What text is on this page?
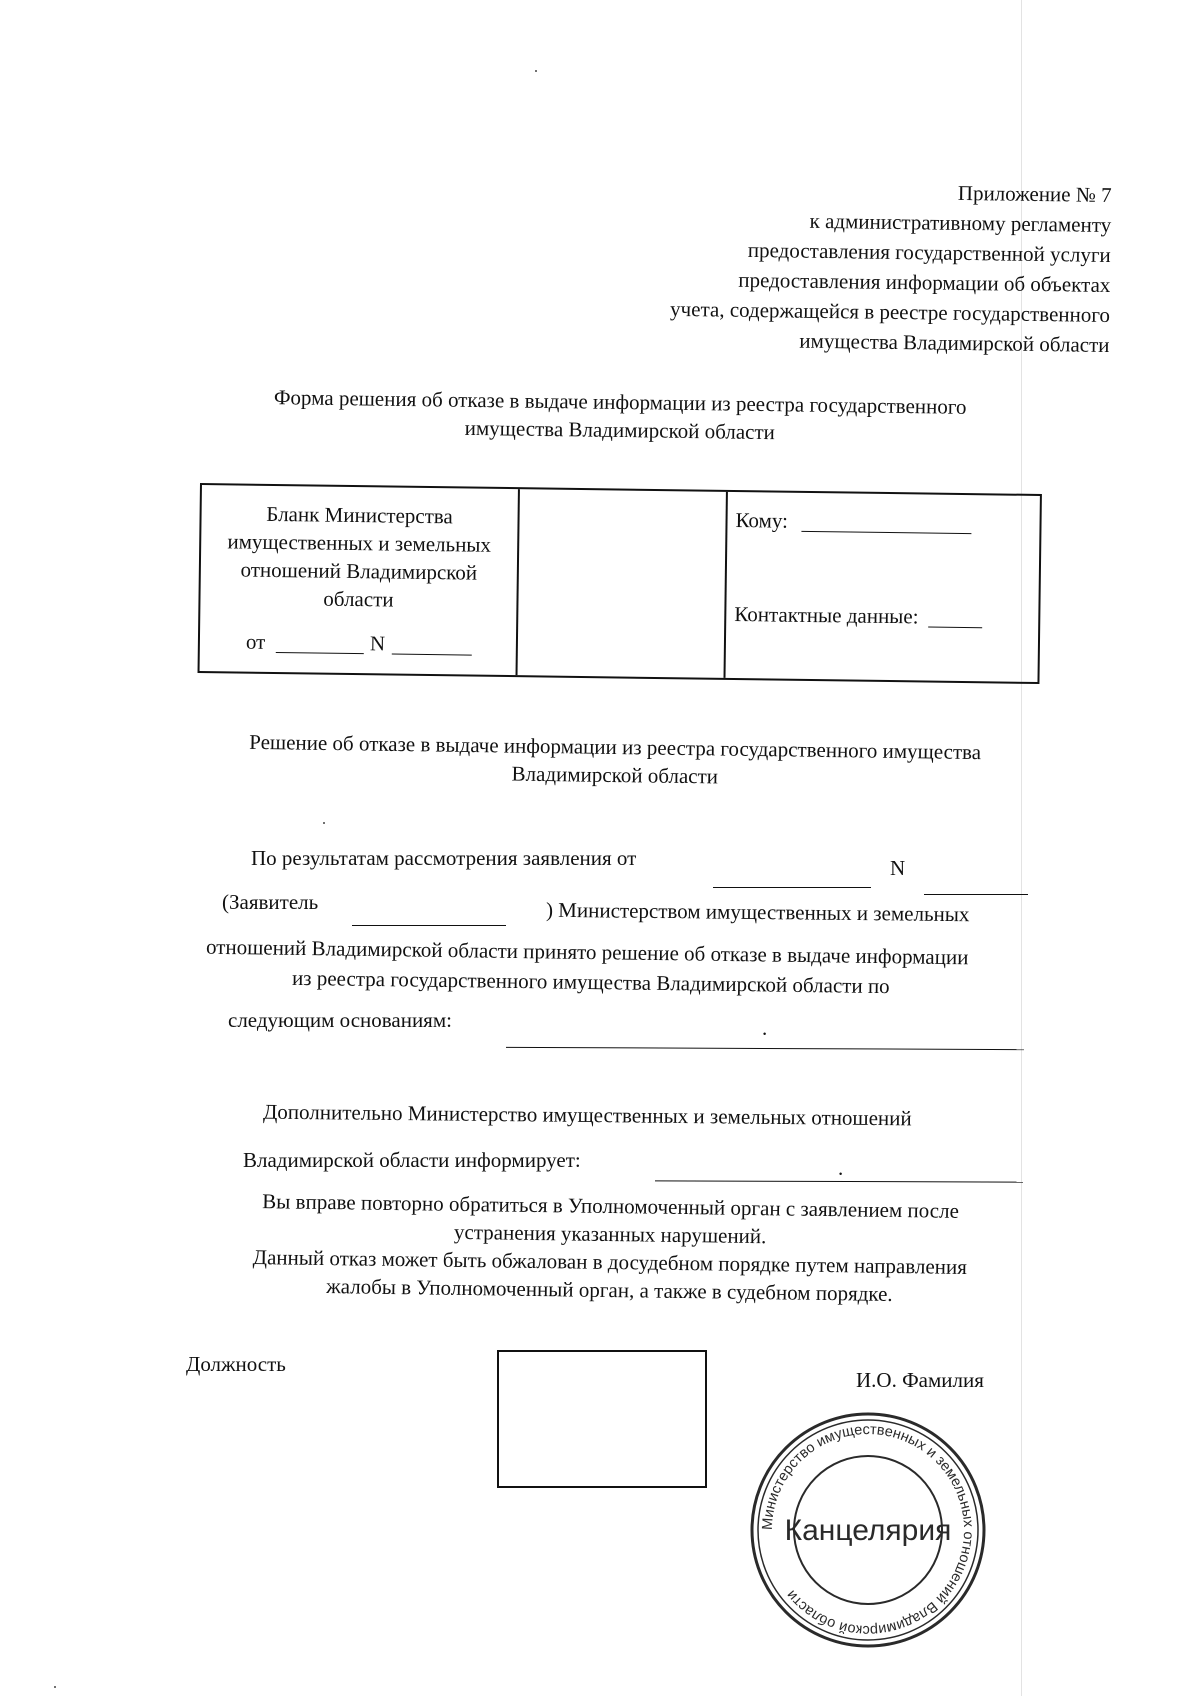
Приложение № 7
к административному регламенту
предоставления государственной услуги
предоставления информации об объектах
учета, содержащейся в реестре государственного
имущества Владимирской области
Форма решения об отказе в выдаче информации из реестра государственного
имущества Владимирской области
Бланк Министерства
имущественных и земельных
отношений Владимирской
области
от	N
Кому:
Контактные данные:
Решение об отказе в выдаче информации из реестра государственного имущества
Владимирской области
По результатам рассмотрения заявления от	N
(Заявитель	) Министерством имущественных и земельных
отношений Владимирской области принято решение об отказе в выдаче информации
из реестра государственного имущества Владимирской области по
следующим основаниям:	.
Дополнительно Министерство имущественных и земельных отношений
Владимирской области информирует:	.
Вы вправе повторно обратиться в Уполномоченный орган с заявлением после
устранения указанных нарушений.
Данный отказ может быть обжалован в досудебном порядке путем направления
жалобы в Уполномоченный орган, а также в судебном порядке.
Должность
И.О. Фамилия
Министерство имущественных и земельных отношений Владимирской области
Канцелярия
